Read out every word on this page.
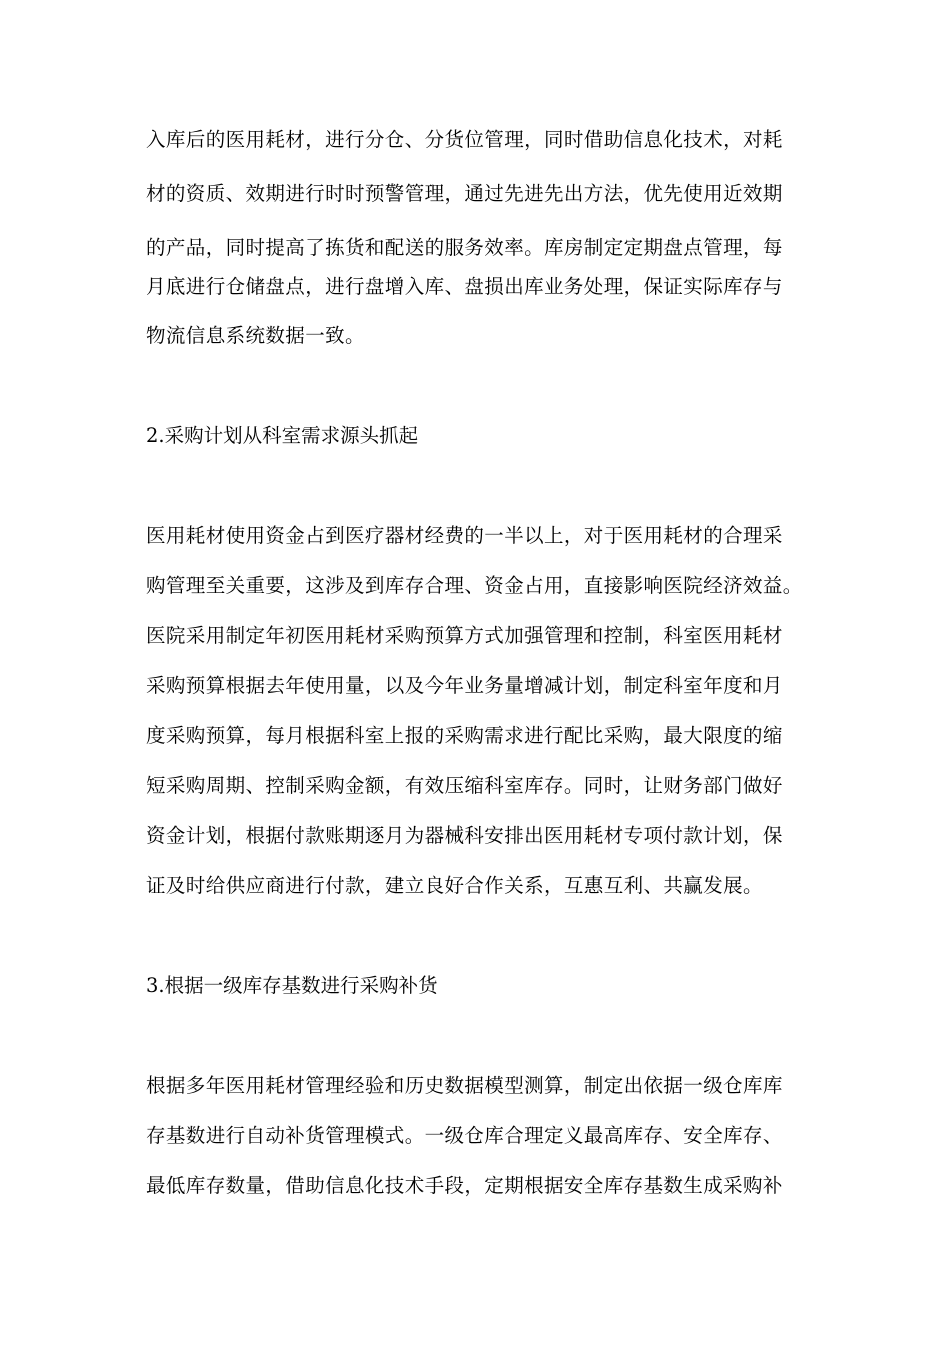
入库后的医用耗材，进行分仓、分货位管理，同时借助信息化技术，对耗
材的资质、效期进行时时预警管理，通过先进先出方法，优先使用近效期
的产品，同时提高了拣货和配送的服务效率。库房制定定期盘点管理，每
月底进行仓储盘点，进行盘增入库、盘损出库业务处理，保证实际库存与
物流信息系统数据一致。
2.采购计划从科室需求源头抓起
医用耗材使用资金占到医疗器材经费的一半以上，对于医用耗材的合理采
购管理至关重要，这涉及到库存合理、资金占用，直接影响医院经济效益。
医院采用制定年初医用耗材采购预算方式加强管理和控制，科室医用耗材
采购预算根据去年使用量，以及今年业务量增减计划，制定科室年度和月
度采购预算，每月根据科室上报的采购需求进行配比采购，最大限度的缩
短采购周期、控制采购金额，有效压缩科室库存。同时，让财务部门做好
资金计划，根据付款账期逐月为器械科安排出医用耗材专项付款计划，保
证及时给供应商进行付款，建立良好合作关系，互惠互利、共赢发展。
3.根据一级库存基数进行采购补货
根据多年医用耗材管理经验和历史数据模型测算，制定出依据一级仓库库
存基数进行自动补货管理模式。一级仓库合理定义最高库存、安全库存、
最低库存数量，借助信息化技术手段，定期根据安全库存基数生成采购补
